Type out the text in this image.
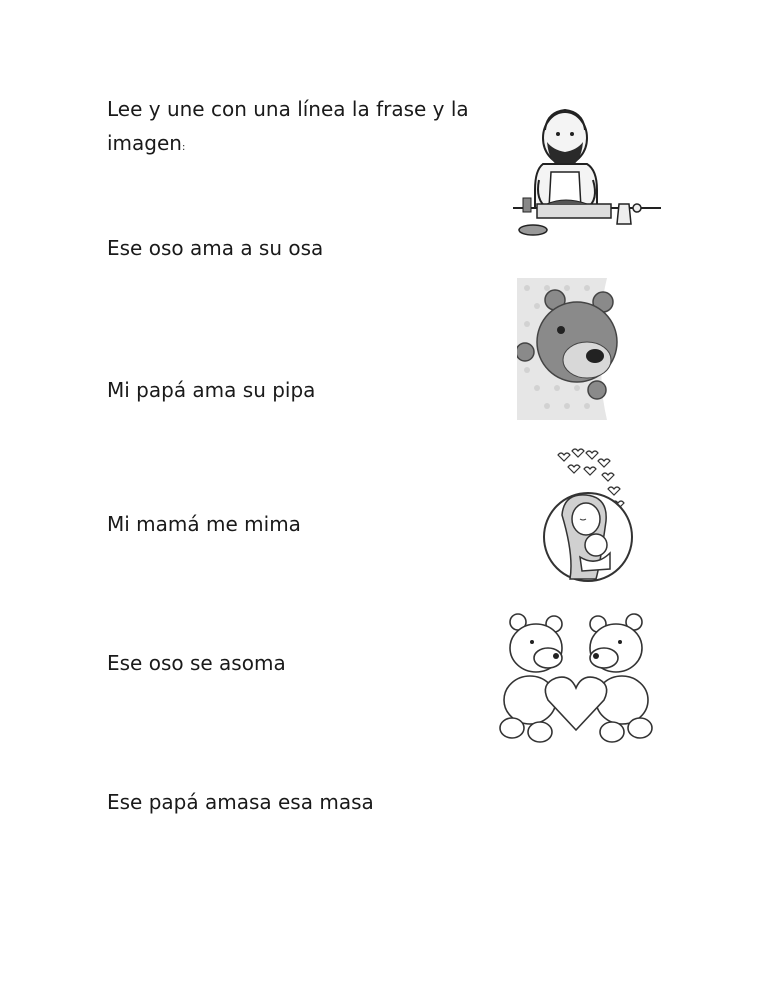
Lee y une con una línea la frase y la imagen:
Ese oso ama a su osa
Mi papá ama su pipa
Mi mamá me mima
Ese oso se asoma
Ese papá amasa esa masa
